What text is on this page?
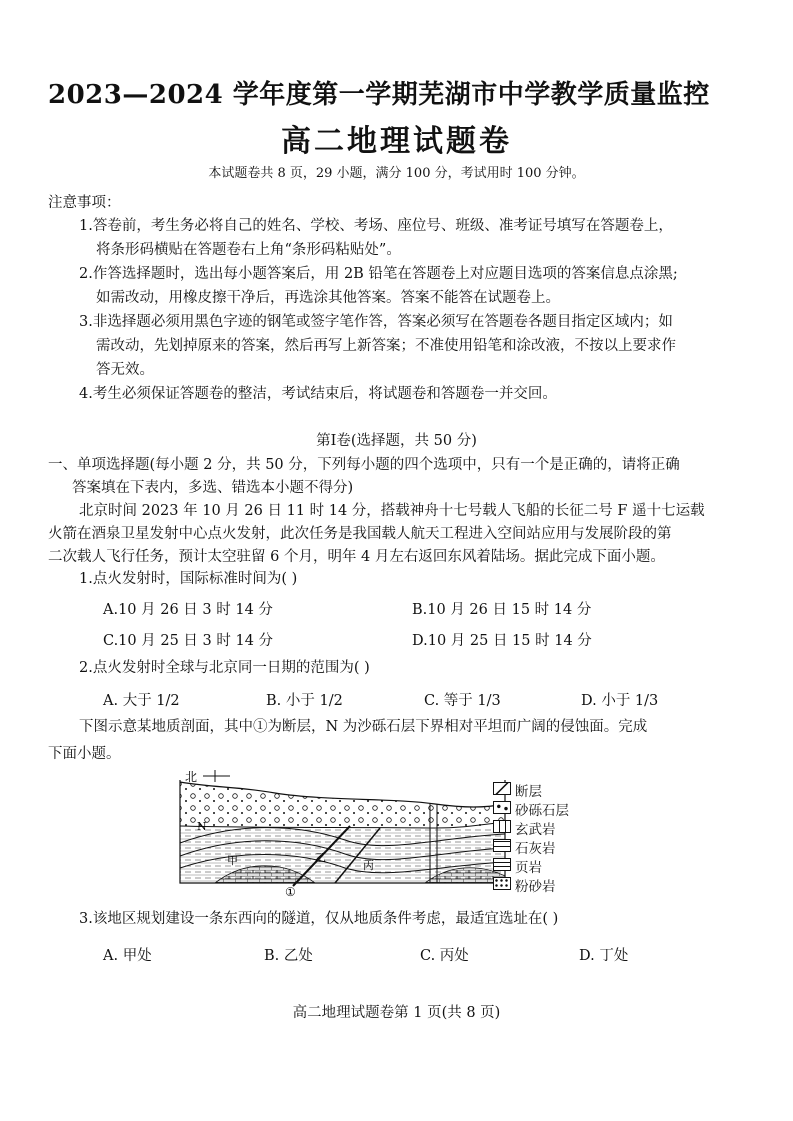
2023—2024 学年度第一学期芜湖市中学教学质量监控
高二地理试题卷
本试题卷共 8 页，29 小题，满分 100 分，考试用时 100 分钟。
注意事项：
1.答卷前，考生务必将自己的姓名、学校、考场、座位号、班级、准考证号填写在答题卷上，
将条形码横贴在答题卷右上角“条形码粘贴处”。
2.作答选择题时，选出每小题答案后，用 2B 铅笔在答题卷上对应题目选项的答案信息点涂黑;
如需改动，用橡皮擦干净后，再选涂其他答案。答案不能答在试题卷上。
3.非选择题必须用黑色字迹的钢笔或签字笔作答，答案必须写在答题卷各题目指定区域内；如
需改动，先划掉原来的答案，然后再写上新答案；不准使用铅笔和涂改液，不按以上要求作
答无效。
4.考生必须保证答题卷的整洁，考试结束后，将试题卷和答题卷一并交回。
第Ⅰ卷(选择题，共 50 分)
一、单项选择题(每小题 2 分，共 50 分，下列每小题的四个选项中，只有一个是正确的，请将正确
答案填在下表内，多选、错选本小题不得分)
北京时间 2023 年 10 月 26 日 11 时 14 分，搭载神舟十七号载人飞船的长征二号 F 遥十七运载
火箭在酒泉卫星发射中心点火发射，此次任务是我国载人航天工程进入空间站应用与发展阶段的第
二次载人飞行任务，预计太空驻留 6 个月，明年 4 月左右返回东风着陆场。据此完成下面小题。
1.点火发射时，国际标准时间为( )
A.10 月 26 日 3 时 14 分	B.10 月 26 日 15 时 14 分
C.10 月 25 日 3 时 14 分	D.10 月 25 日 15 时 14 分
2.点火发射时全球与北京同一日期的范围为( )
A. 大于 1/2	B. 小于 1/2	C. 等于 1/3	D. 小于 1/3
下图示意某地质剖面，其中①为断层，N 为沙砾石层下界相对平坦而广阔的侵蚀面。完成
下面小题。
北
甲	乙
丙
N
①
断层
砂砾石层
玄武岩
石灰岩
页岩
粉砂岩
3.该地区规划建设一条东西向的隧道，仅从地质条件考虑，最适宜选址在( )
A. 甲处	B. 乙处	C. 丙处	D. 丁处
高二地理试题卷第 1 页(共 8 页)
